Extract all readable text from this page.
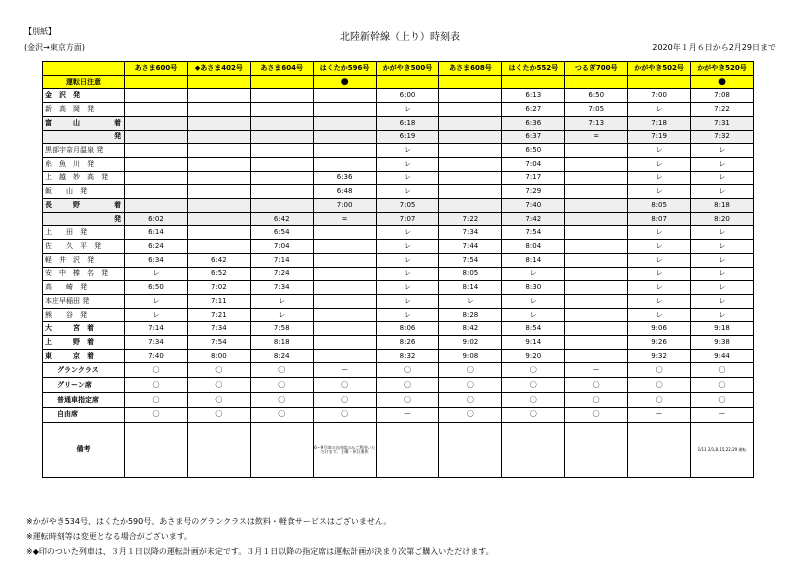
【別紙】
(金沢→東京方面)
北陸新幹線（上り）時刻表
2020年１月６日から2月29日まで
	あさま600号	◆あさま402号	あさま604号	はくたか596号	かがやき500号	あさま608号	はくたか552号	つるぎ700号	かがやき502号	かがやき520号
運転日注意				●						●
金　沢　発					6:00		6:13	6:50	7:00	7:08
新　高　岡　発					レ		6:27	7:05	レ	7:22

富　　　山 着					6:18		6:36	7:13	7:18	7:31

発					6:19		6:37	=	7:19	7:32
黒部宇奈月温泉 発					レ		6:50		レ	レ
糸　魚　川　発					レ		7:04		レ	レ
上　越　妙　高　発				6:36	レ		7:17		レ	レ
飯　　山　発				6:48	レ		7:29		レ	レ

長　　　野 着				7:00	7:05		7:40		8:05	8:18

発	6:02		6:42	=	7:07	7:22	7:42		8:07	8:20
上　　田　発	6:14		6:54		レ	7:34	7:54		レ	レ
佐　　久　平　発	6:24		7:04		レ	7:44	8:04		レ	レ
軽　井　沢　発	6:34	6:42	7:14		レ	7:54	8:14		レ	レ
安　中　榛　名　発	レ	6:52	7:24		レ	8:05	レ		レ	レ
高　　崎　発	6:50	7:02	7:34		レ	8:14	8:30		レ	レ
本庄早稲田 発	レ	7:11	レ		レ	レ	レ		レ	レ
熊　　谷　発	レ	7:21	レ		レ	8:28	レ		レ	レ
大　　　宮　着	7:14	7:34	7:58		8:06	8:42	8:54		9:06	9:18
上　　　野　着	7:34	7:54	8:18		8:26	9:02	9:14		9:26	9:38
東　　　京　着	7:40	8:00	8:24		8:32	9:08	9:20		9:32	9:44
グランクラス	〇	〇	〇	ー	〇	〇	〇	ー	〇	〇
グリーン席	〇	〇	〇	〇	〇	〇	〇	〇	〇	〇
普通車指定席	〇	〇	〇	〇	〇	〇	〇	〇	〇	〇
自由席	〇	〇	〇	〇	ー	〇	〇	〇	ー	ー
備考				6～9号車の自由席のみご利用いただけます。土曜・休日運休						1/11 2/1,8,15,22,29 運転
※かがやき534号、はくたか590号、あさま号のグランクラスは飲料・軽食サービスはございません。
※運転時刻等は変更となる場合がございます。
※◆印のついた列車は、３月１日以降の運転計画が未定です。３月１日以降の指定席は運転計画が決まり次第ご購入いただけます。
